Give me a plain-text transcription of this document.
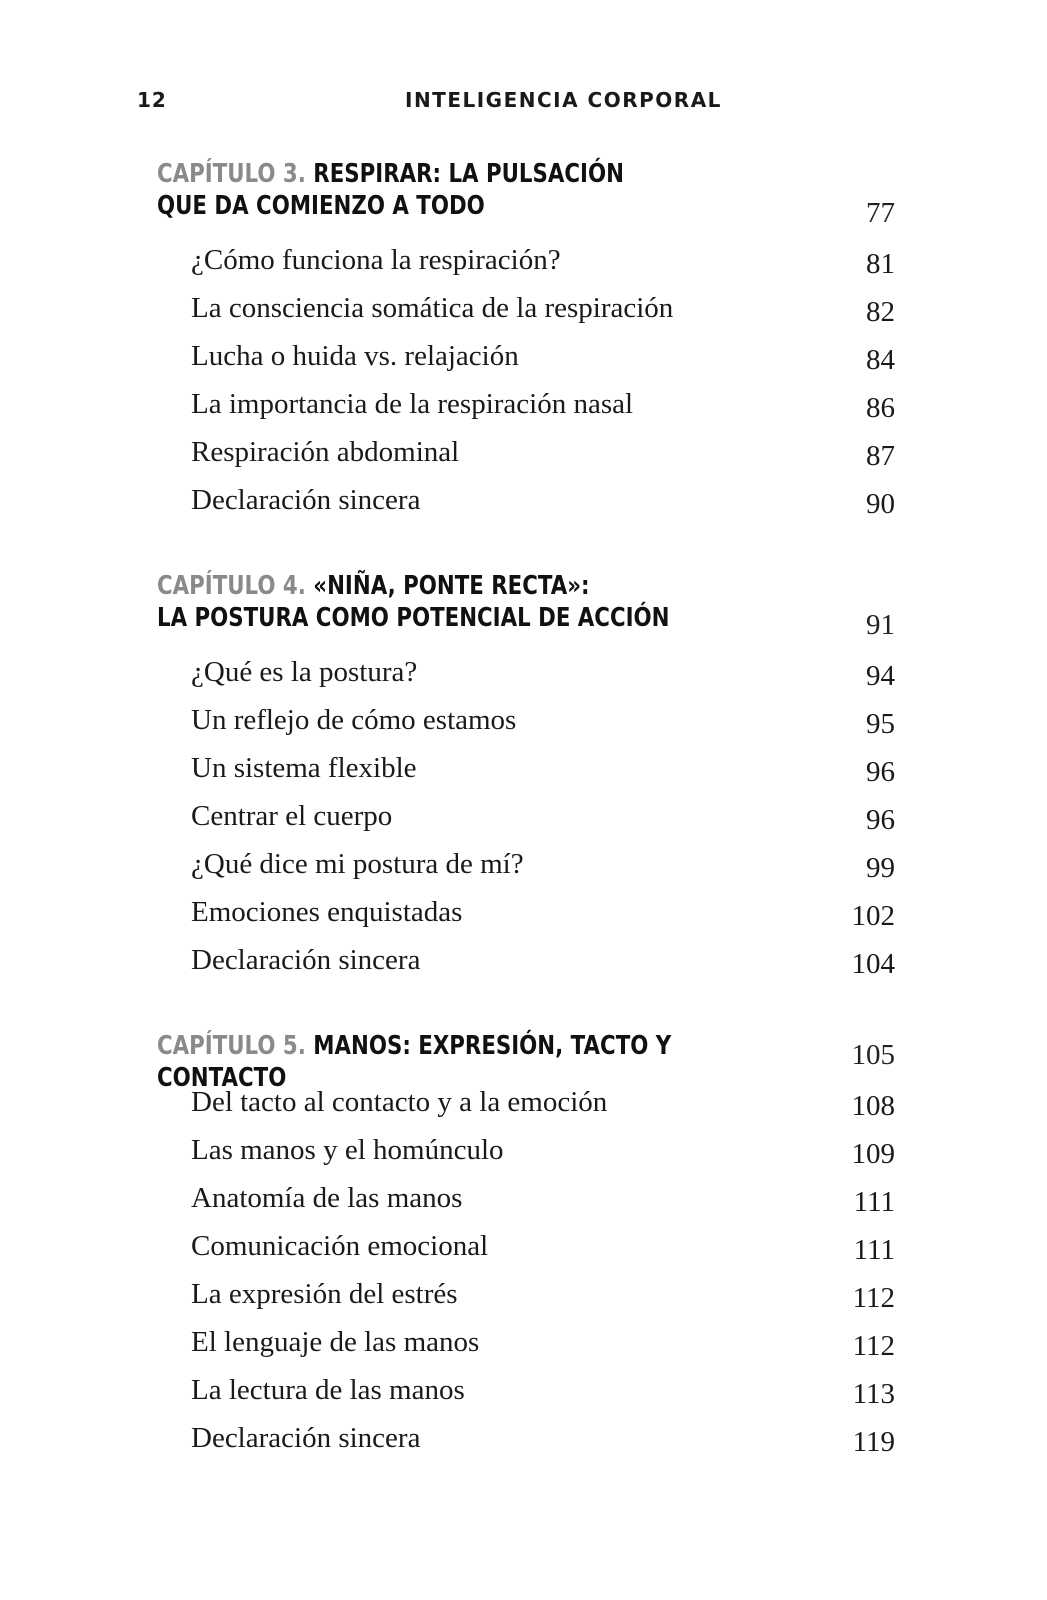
12	INTELIGENCIA CORPORAL
CAPÍTULO 3. RESPIRAR: LA PULSACIÓN
QUE DA COMIENZO A TODO	77
¿Cómo funciona la respiración?	81
La consciencia somática de la respiración	82
Lucha o huida vs. relajación	84
La importancia de la respiración nasal	86
Respiración abdominal	87
Declaración sincera	90
CAPÍTULO 4. «NIÑA, PONTE RECTA»:
LA POSTURA COMO POTENCIAL DE ACCIÓN	91
¿Qué es la postura?	94
Un reflejo de cómo estamos	95
Un sistema flexible	96
Centrar el cuerpo	96
¿Qué dice mi postura de mí?	99
Emociones enquistadas	102
Declaración sincera	104
CAPÍTULO 5. MANOS: EXPRESIÓN, TACTO Y CONTACTO
105
Del tacto al contacto y a la emoción	108
Las manos y el homúnculo	109
Anatomía de las manos	111
Comunicación emocional	111
La expresión del estrés	112
El lenguaje de las manos	112
La lectura de las manos	113
Declaración sincera	119
